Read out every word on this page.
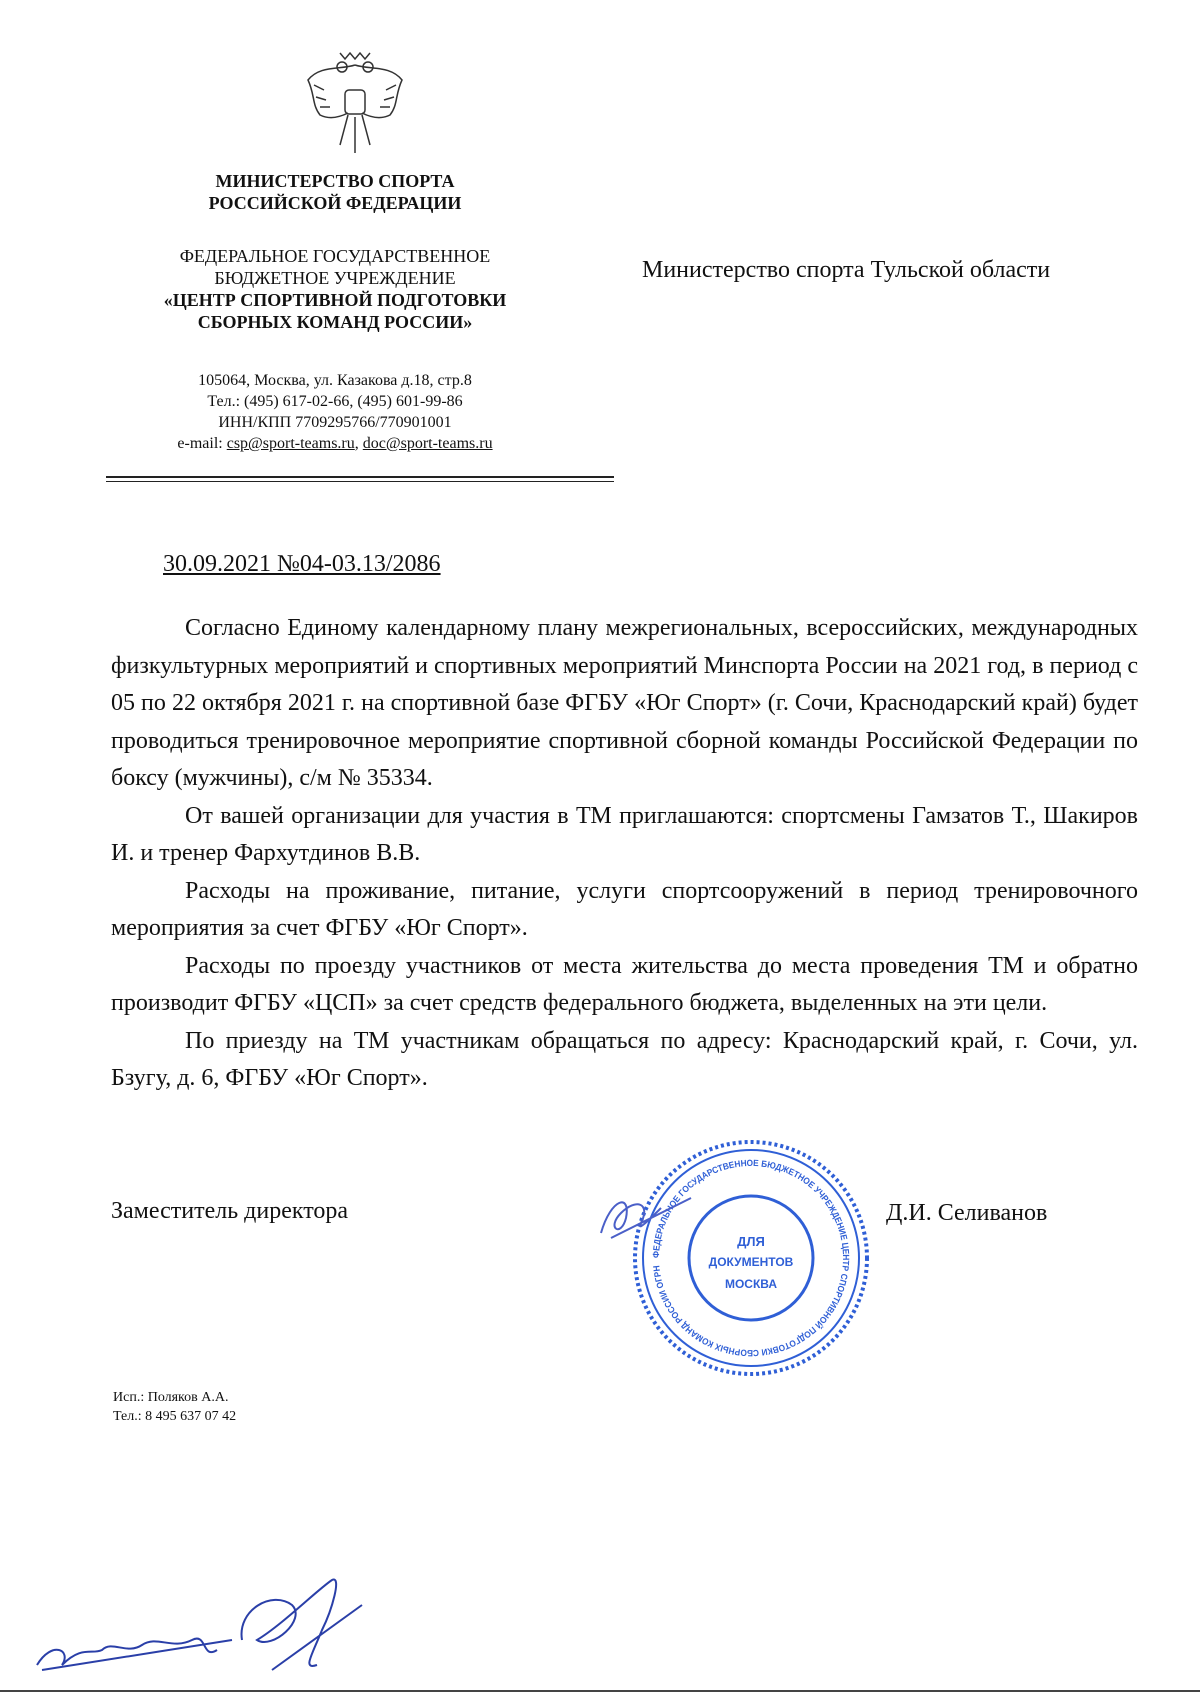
МИНИСТЕРСТВО СПОРТА
РОССИЙСКОЙ ФЕДЕРАЦИИ
ФЕДЕРАЛЬНОЕ ГОСУДАРСТВЕННОЕ
БЮДЖЕТНОЕ УЧРЕЖДЕНИЕ
«ЦЕНТР СПОРТИВНОЙ ПОДГОТОВКИ
СБОРНЫХ КОМАНД РОССИИ»
105064, Москва, ул. Казакова д.18, стр.8
Тел.: (495) 617-02-66, (495) 601-99-86
ИНН/КПП 7709295766/770901001
e-mail: csp@sport-teams.ru, doc@sport-teams.ru
Министерство спорта Тульской области
30.09.2021 №04-03.13/2086

Согласно Единому календарному плану межрегиональных, всероссийских, международных физкультурных мероприятий и спортивных мероприятий Минспорта России на 2021 год, в период с 05 по 22 октября 2021 г. на спортивной базе ФГБУ «Юг Спорт» (г. Сочи, Краснодарский край) будет проводиться тренировочное мероприятие спортивной сборной команды Российской Федерации по боксу (мужчины), с/м № 35334.

От вашей организации для участия в ТМ приглашаются: спортсмены Гамзатов Т., Шакиров И. и тренер Фархутдинов В.В.

Расходы на проживание, питание, услуги спортсооружений в период тренировочного мероприятия за счет ФГБУ «Юг Спорт».

Расходы по проезду участников от места жительства до места проведения ТМ и обратно производит ФГБУ «ЦСП» за счет средств федерального бюджета, выделенных на эти цели.

По приезду на ТМ участникам обращаться по адресу: Краснодарский край, г. Сочи, ул. Бзугу, д. 6, ФГБУ «Юг Спорт».

Заместитель директора
ФЕДЕРАЛЬНОЕ ГОСУДАРСТВЕННОЕ БЮДЖЕТНОЕ УЧРЕЖДЕНИЕ ЦЕНТР СПОРТИВНОЙ ПОДГОТОВКИ СБОРНЫХ КОМАНД РОССИИ ОГРН
ДЛЯ
ДОКУМЕНТОВ
МОСКВА
Д.И. Селиванов
Исп.: Поляков А.А.
Тел.: 8 495 637 07 42
